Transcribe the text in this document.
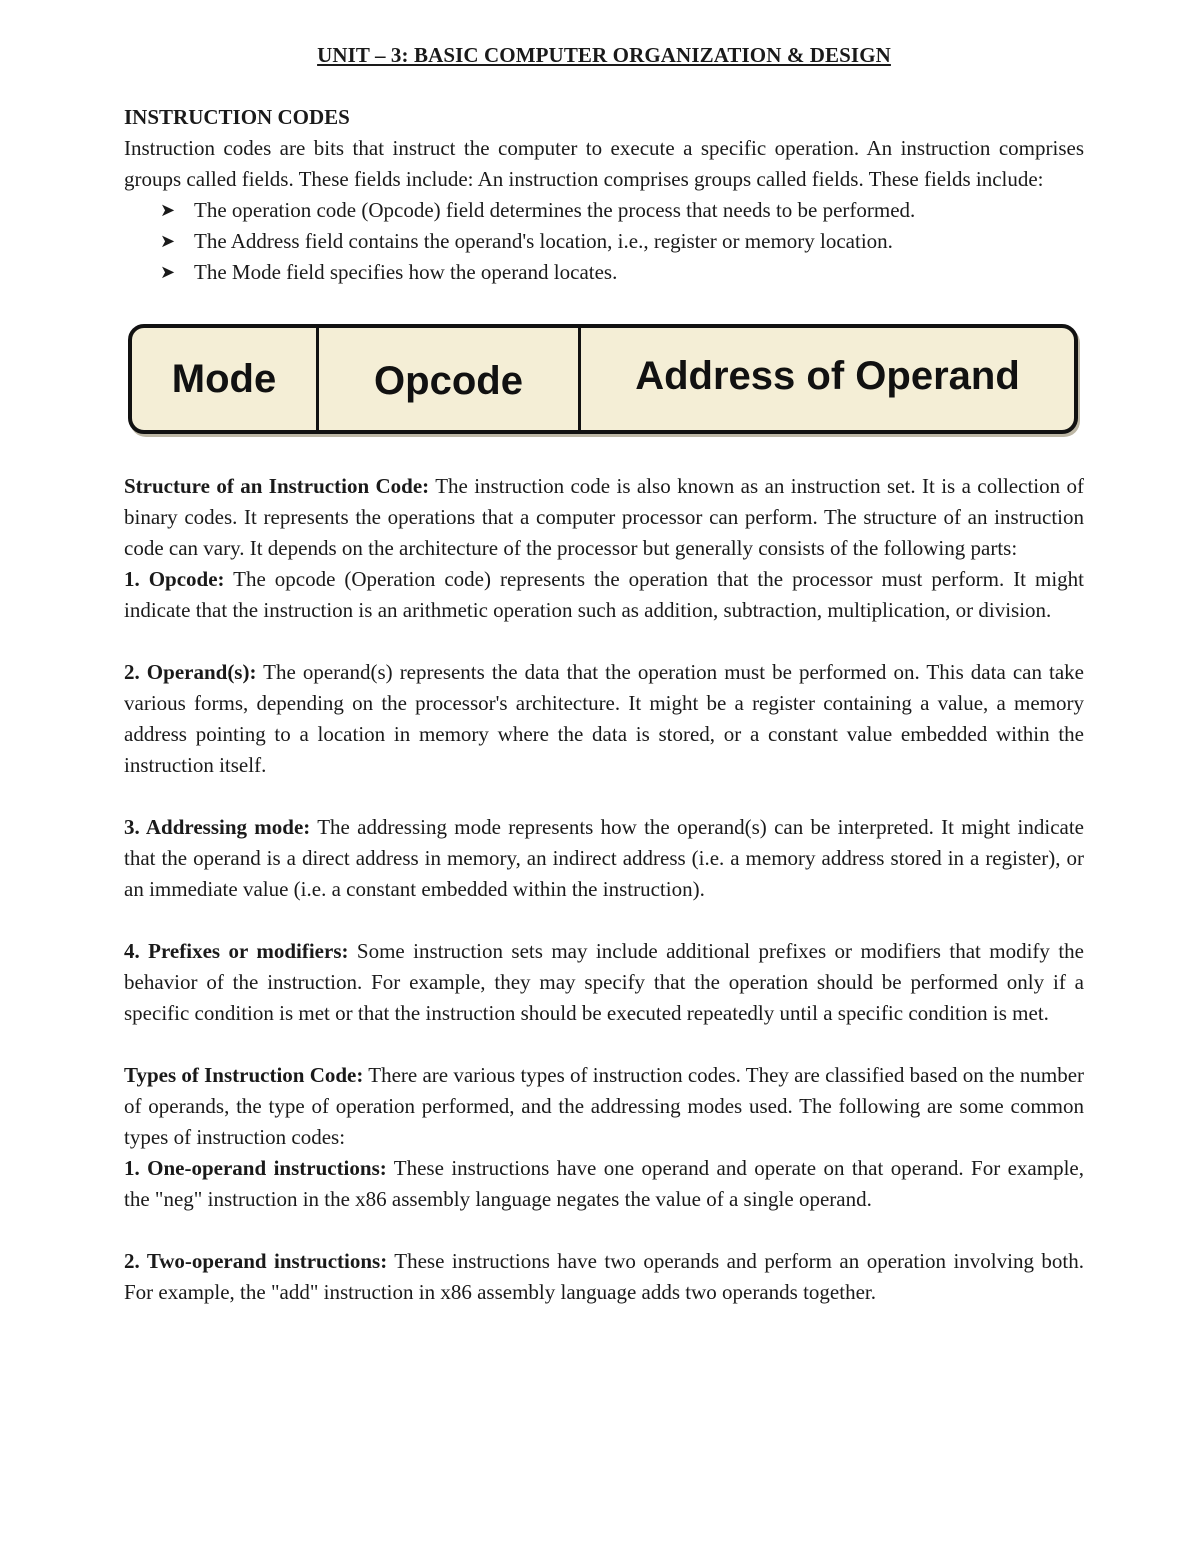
UNIT – 3: BASIC COMPUTER ORGANIZATION & DESIGN
INSTRUCTION CODES

Instruction codes are bits that instruct the computer to execute a specific operation. An instruction comprises groups called fields. These fields include: An instruction comprises groups called fields. These fields include:

➤ The operation code (Opcode) field determines the process that needs to be performed.
➤ The Address field contains the operand's location, i.e., register or memory location.
➤ The Mode field specifies how the operand locates.
Mode	Opcode	Address of Operand

Structure of an Instruction Code: The instruction code is also known as an instruction set. It is a collection of binary codes. It represents the operations that a computer processor can perform. The structure of an instruction code can vary. It depends on the architecture of the processor but generally consists of the following parts:

1. Opcode: The opcode (Operation code) represents the operation that the processor must perform. It might indicate that the instruction is an arithmetic operation such as addition, subtraction, multiplication, or division.

2. Operand(s): The operand(s) represents the data that the operation must be performed on. This data can take various forms, depending on the processor's architecture. It might be a register containing a value, a memory address pointing to a location in memory where the data is stored, or a constant value embedded within the instruction itself.

3. Addressing mode: The addressing mode represents how the operand(s) can be interpreted. It might indicate that the operand is a direct address in memory, an indirect address (i.e. a memory address stored in a register), or an immediate value (i.e. a constant embedded within the instruction).

4. Prefixes or modifiers: Some instruction sets may include additional prefixes or modifiers that modify the behavior of the instruction. For example, they may specify that the operation should be performed only if a specific condition is met or that the instruction should be executed repeatedly until a specific condition is met.

Types of Instruction Code: There are various types of instruction codes. They are classified based on the number of operands, the type of operation performed, and the addressing modes used. The following are some common types of instruction codes:

1. One-operand instructions: These instructions have one operand and operate on that operand. For example, the "neg" instruction in the x86 assembly language negates the value of a single operand.

2. Two-operand instructions: These instructions have two operands and perform an operation involving both. For example, the "add" instruction in x86 assembly language adds two operands together.
